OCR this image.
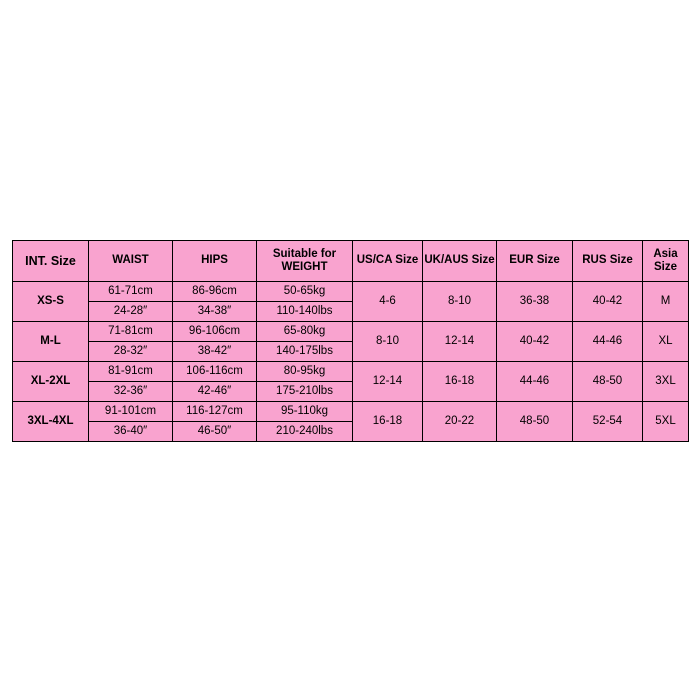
INT. Size	WAIST	HIPS	Suitable for WEIGHT	US/CA Size	UK/AUS Size	EUR Size	RUS Size	Asia Size
XS-S	61-71cm	86-96cm	50-65kg	4-6	8-10	36-38	40-42	M
	24-28″	34-38″	110-140lbs					
M-L	71-81cm	96-106cm	65-80kg	8-10	12-14	40-42	44-46	XL
	28-32″	38-42″	140-175lbs					
XL-2XL	81-91cm	106-116cm	80-95kg	12-14	16-18	44-46	48-50	3XL
	32-36″	42-46″	175-210lbs					
3XL-4XL	91-101cm	116-127cm	95-110kg	16-18	20-22	48-50	52-54	5XL
	36-40″	46-50″	210-240lbs					
